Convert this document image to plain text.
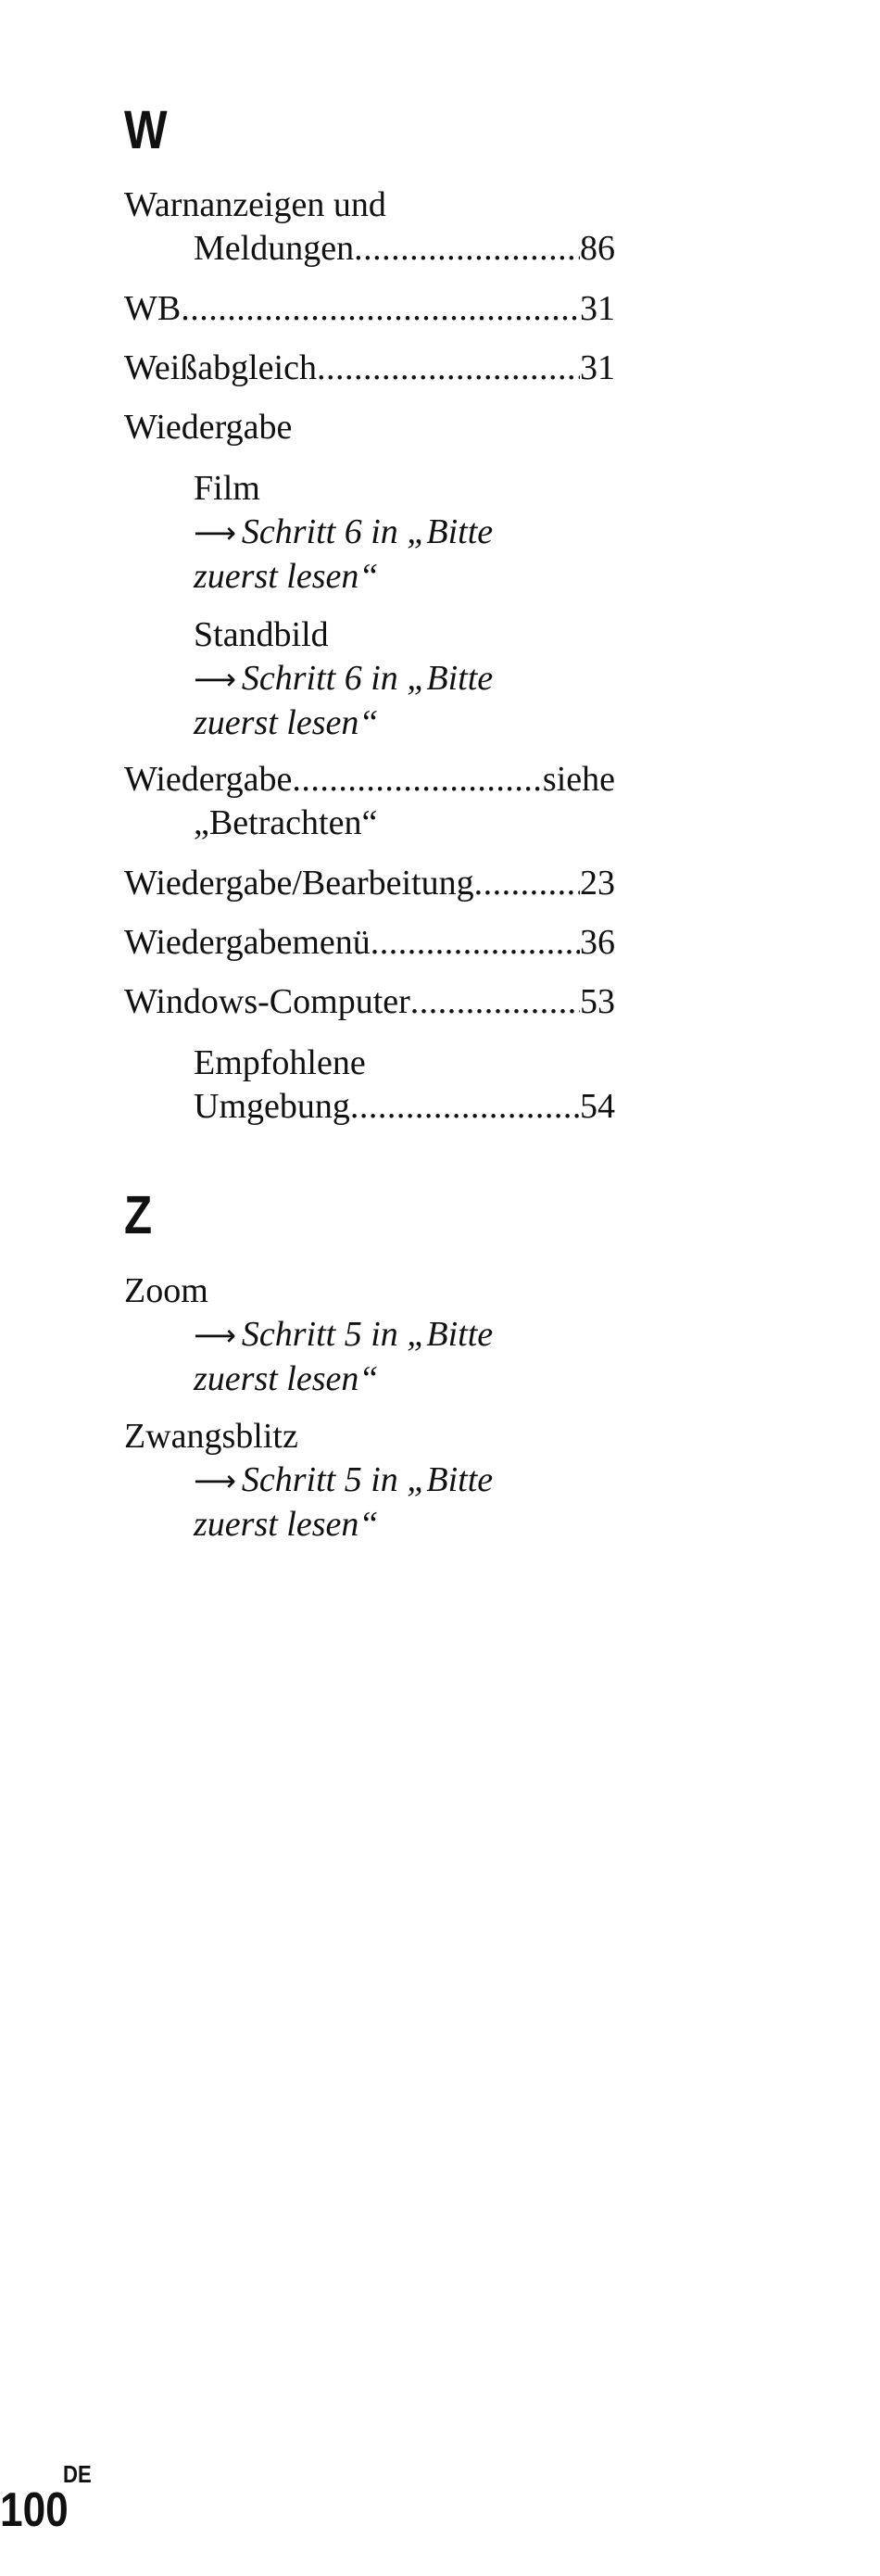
W
Warnanzeigen und
Meldungen .....	86
WB .....	31
Weißabgleich .....	31
Wiedergabe
Film
⟶ Schritt 6 in „Bitte
zuerst lesen“
Standbild
⟶ Schritt 6 in „Bitte
zuerst lesen“
Wiedergabe .....	siehe
„Betrachten“
Wiedergabe/Bearbeitung .....	23
Wiedergabemenü .....	36
Windows-Computer .....	53
Empfohlene
Umgebung .....	54
Z
Zoom
⟶ Schritt 5 in „Bitte
zuerst lesen“
Zwangsblitz
⟶ Schritt 5 in „Bitte
zuerst lesen“
DE
100
